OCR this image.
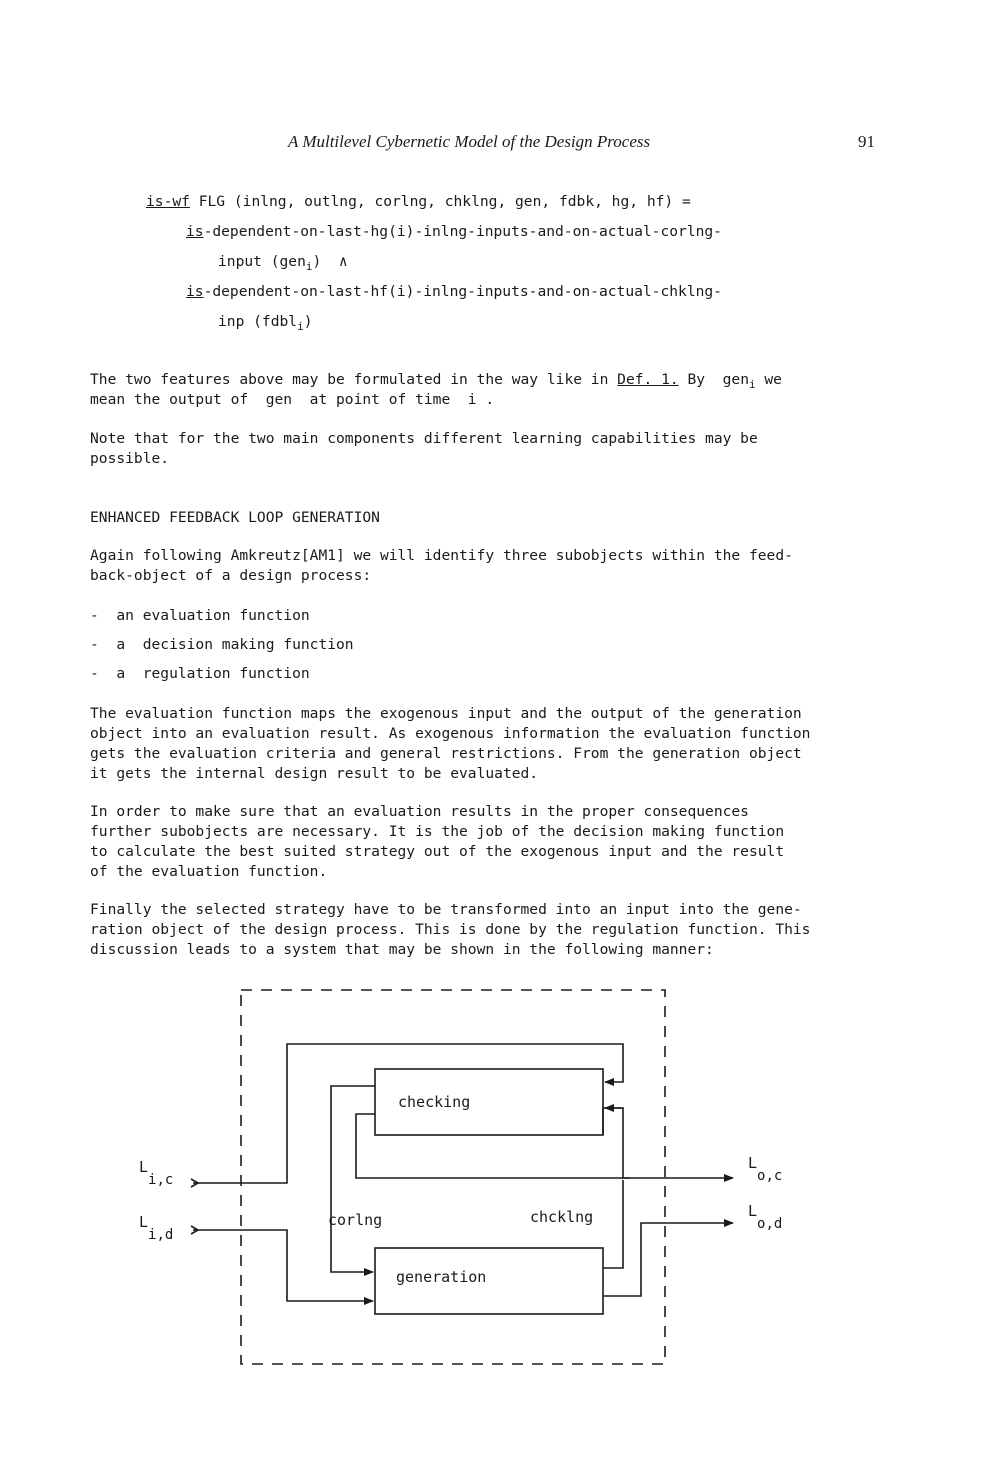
A Multilevel Cybernetic Model of the Design Process	91
is-wf FLG (inlng, outlng, corlng, chklng, gen, fdbk, hg, hf) =
is-dependent-on-last-hg(i)-inlng-inputs-and-on-actual-corlng-
input (gen$_i$)  ∧
is-dependent-on-last-hf(i)-inlng-inputs-and-on-actual-chklng-
inp (fdbl$_i$)
The two features above may be formulated in the way like in Def. 1. By  gen$_i$ we
mean the output of  gen  at point of time  i .
Note that for the two main components different learning capabilities may be
possible.
ENHANCED FEEDBACK LOOP GENERATION
Again following Amkreutz[AM1] we will identify three subobjects within the feed-
back-object of a design process:
-  an evaluation function
-  a  decision making function
-  a  regulation function
The evaluation function maps the exogenous input and the output of the generation
object into an evaluation result. As exogenous information the evaluation function
gets the evaluation criteria and general restrictions. From the generation object
it gets the internal design result to be evaluated.
In order to make sure that an evaluation results in the proper consequences
further subobjects are necessary. It is the job of the decision making function
to calculate the best suited strategy out of the exogenous input and the result
of the evaluation function.
Finally the selected strategy have to be transformed into an input into the gene-
ration object of the design process. This is done by the regulation function. This
discussion leads to a system that may be shown in the following manner:
checking
generation
corlng	chcklng
Li,c
Li,d
Lo,c
Lo,d
